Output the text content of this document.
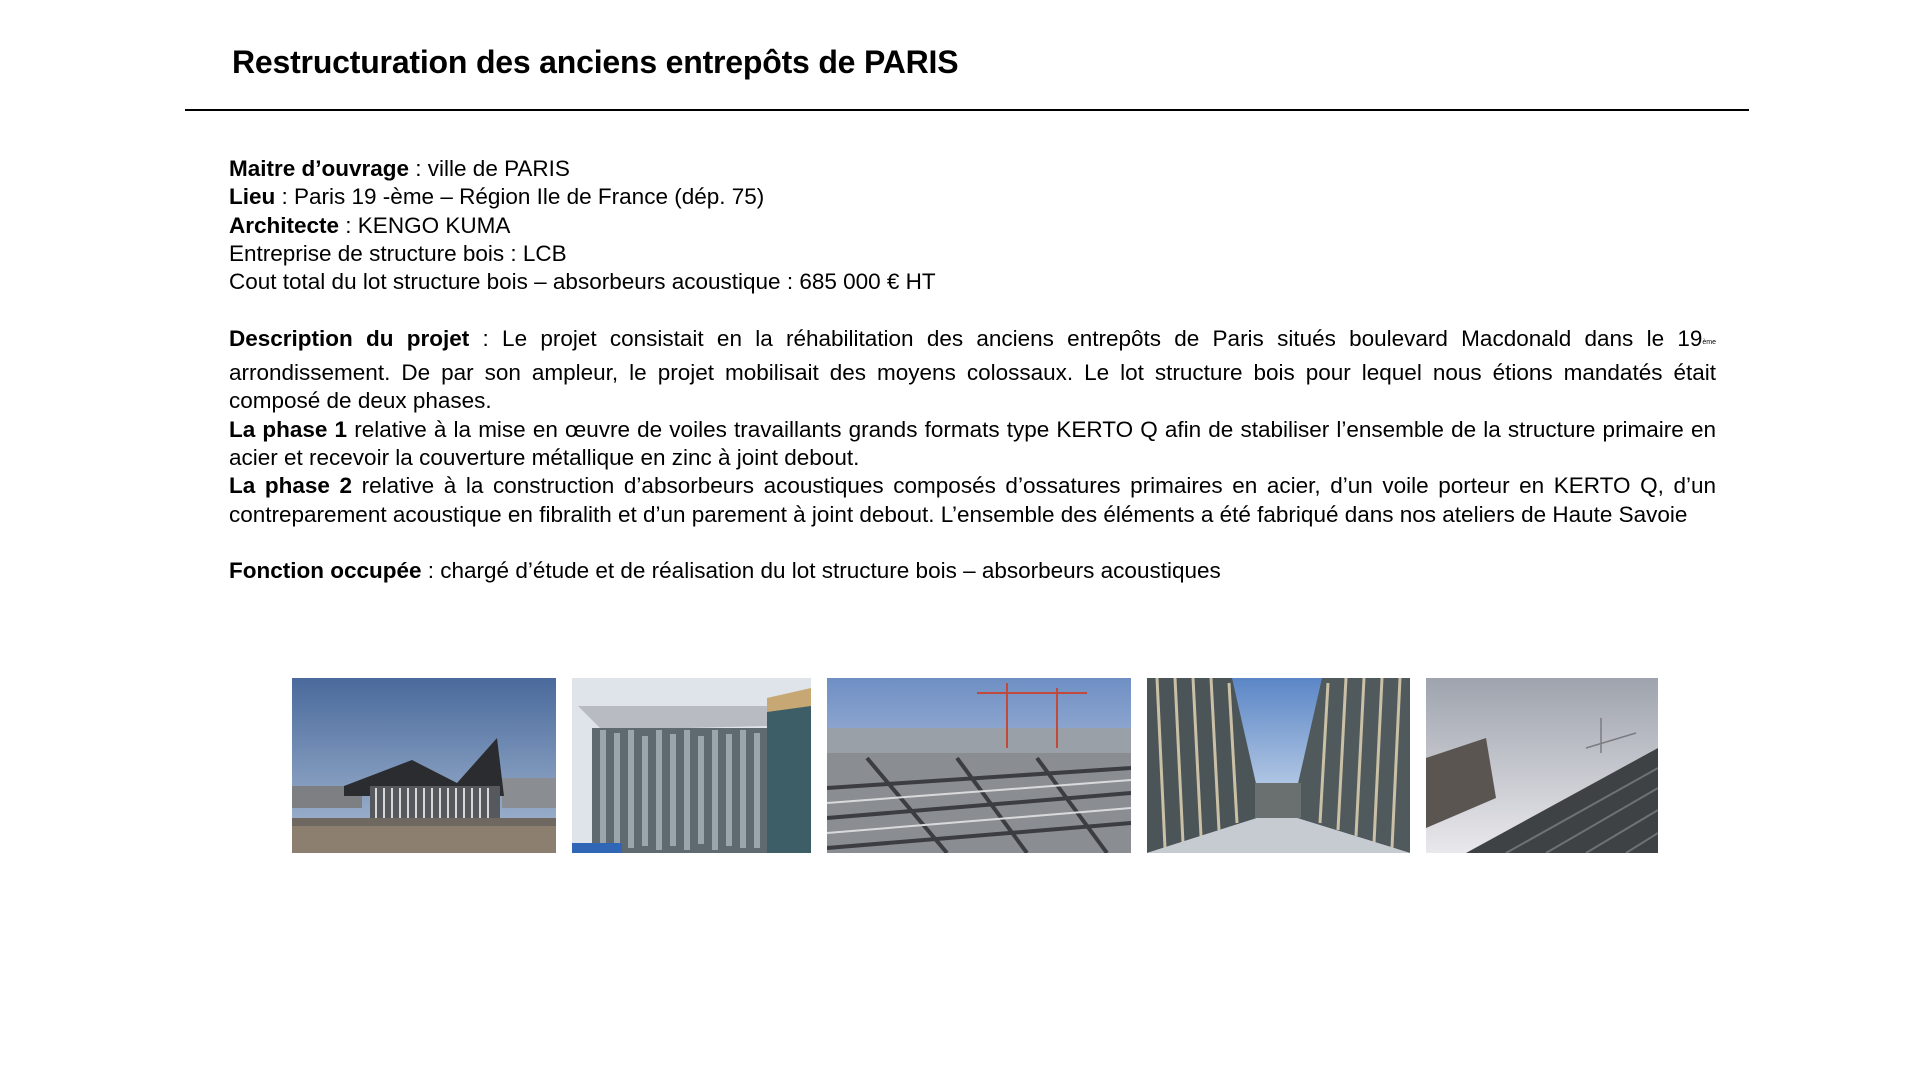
Restructuration des anciens entrepôts de PARIS

Maitre d’ouvrage : ville de PARIS

Lieu : Paris 19 -ème – Région Ile de France (dép. 75)

Architecte : KENGO KUMA

Entreprise de structure bois : LCB

Cout total du lot structure bois – absorbeurs acoustique : 685 000 € HT

Description du projet : Le projet consistait en la réhabilitation des anciens entrepôts de Paris situés boulevard Macdonald dans le 19ème arrondissement. De par son ampleur, le projet mobilisait des moyens colossaux. Le lot structure bois pour lequel nous étions mandatés était composé de deux phases.

La phase 1 relative à la mise en œuvre de voiles travaillants grands formats type KERTO Q afin de stabiliser l’ensemble de la structure primaire en acier et recevoir la couverture métallique en zinc à joint debout.

La phase 2 relative à la construction d’absorbeurs acoustiques composés d’ossatures primaires en acier, d’un voile porteur en KERTO Q, d’un contreparement acoustique en fibralith et d’un parement à joint debout. L’ensemble des éléments a été fabriqué dans nos ateliers de Haute Savoie

Fonction occupée : chargé d’étude et de réalisation du lot structure bois – absorbeurs acoustiques
